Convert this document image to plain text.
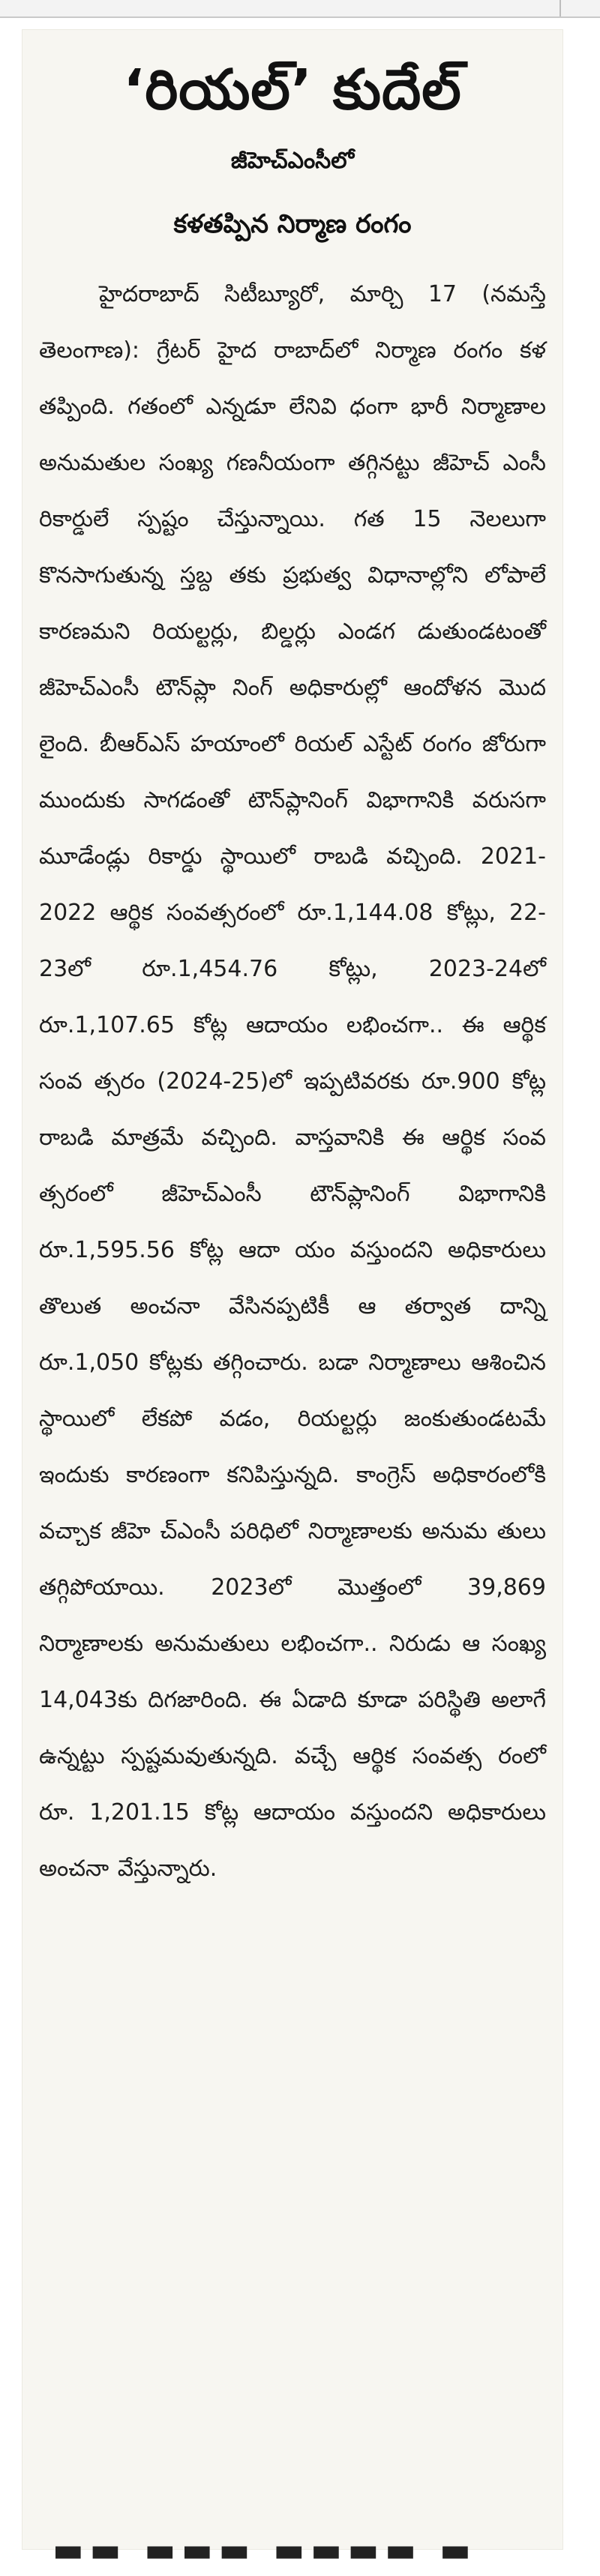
‘రియల్’ కుదేల్
జీహెచ్ఎంసీలో
కళతప్పిన నిర్మాణ రంగం

హైదరాబాద్ సిటీబ్యూరో, మార్చి 17 (నమస్తే తెలంగాణ): గ్రేటర్ హైద రాబాద్‌లో నిర్మాణ రంగం కళ తప్పింది. గతంలో ఎన్నడూ లేనివి ధంగా భారీ నిర్మాణాల అనుమతుల సంఖ్య గణనీయంగా తగ్గినట్టు జీహెచ్ ఎంసీ రికార్డులే స్పష్టం చేస్తున్నాయి. గత 15 నెలలుగా కొనసాగుతున్న స్తబ్ద తకు ప్రభుత్వ విధానాల్లోని లోపాలే కారణమని రియల్టర్లు, బిల్డర్లు ఎండగ డుతుండటంతో జీహెచ్ఎంసీ టౌన్‌ప్లా నింగ్ అధికారుల్లో ఆందోళన మొద లైంది. బీఆర్‌ఎస్ హయాంలో రియల్ ఎస్టేట్ రంగం జోరుగా ముందుకు సాగడంతో టౌన్‌ప్లానింగ్ విభాగానికి వరుసగా మూడేండ్లు రికార్డు స్థాయిలో రాబడి వచ్చింది. 2021-2022 ఆర్థిక సంవత్సరంలో రూ.1,144.08 కోట్లు, 22-23లో రూ.1,454.76 కోట్లు, 2023-24లో రూ.1,107.65 కోట్ల ఆదాయం లభించగా.. ఈ ఆర్థిక సంవ త్సరం (2024-25)లో ఇప్పటివరకు రూ.900 కోట్ల రాబడి మాత్రమే వచ్చింది. వాస్తవానికి ఈ ఆర్థిక సంవ త్సరంలో జీహెచ్ఎంసీ టౌన్‌ప్లానింగ్ విభాగానికి రూ.1,595.56 కోట్ల ఆదా యం వస్తుందని అధికారులు తొలుత అంచనా వేసినప్పటికీ ఆ తర్వాత దాన్ని రూ.1,050 కోట్లకు తగ్గించారు. బడా నిర్మాణాలు ఆశించిన స్థాయిలో లేకపో వడం, రియల్టర్లు జంకుతుండటమే ఇందుకు కారణంగా కనిపిస్తున్నది. కాంగ్రెస్ అధికారంలోకి వచ్చాక జీహె చ్ఎంసీ పరిధిలో నిర్మాణాలకు అనుమ తులు తగ్గిపోయాయి. 2023లో మొత్తంలో 39,869 నిర్మాణాలకు అనుమతులు లభించగా.. నిరుడు ఆ సంఖ్య 14,043కు దిగజారింది. ఈ ఏడాది కూడా పరిస్థితి అలాగే ఉన్నట్టు స్పష్టమవుతున్నది. వచ్చే ఆర్థిక సంవత్స రంలో రూ. 1,201.15 కోట్ల ఆదాయం వస్తుందని అధికారులు అంచనా వేస్తున్నారు.

▬▬ ▬▬▬ ▬▬▬▬ ▬
